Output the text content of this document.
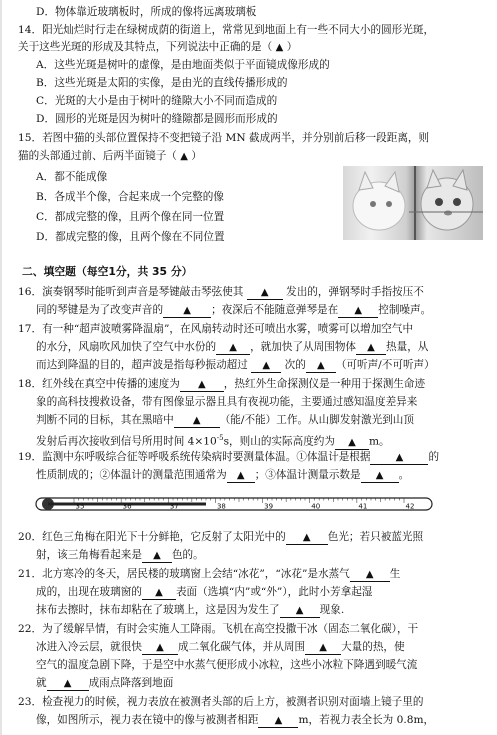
D．物体靠近玻璃板时，所成的像将远离玻璃板
14．阳光灿烂时行走在绿树成荫的街道上，常常见到地面上有一些不同大小的圆形光斑，
关于这些光斑的形成及其特点，下列说法中正确的是（ ▲ ）
A．这些光斑是树叶的虚像，是由地面类似于平面镜成像形成的
B．这些光斑是太阳的实像，是由光的直线传播形成的
C．光斑的大小是由于树叶的缝隙大小不同而造成的
D．圆形的光斑是因为树叶的缝隙都是圆形而形成的
15．若图中猫的头部位置保持不变把镜子沿 MN 截成两半，并分别前后移一段距离，则
猫的头部通过前、后两半面镜子（ ▲ ）
A．都不能成像
B．各成半个像，合起来成一个完整的像
C．都成完整的像，且两个像在同一位置
D．都成完整的像，且两个像在不同位置
二、填空题（每空1分，共 35 分）
16．演奏钢琴时能听到声音是琴键敲击琴弦使其 ▲ 发出的，弹钢琴时手指按压不
同的琴键是为了改变声音的 ▲ ；夜深后不能随意弹琴是在 ▲ 控制噪声。
17．有一种“超声波喷雾降温扇”，在风扇转动时还可喷出水雾，喷雾可以增加空气中
的水分，风扇吹风加快了空气中水份的 ▲ ，就加快了从周围物体 ▲ 热量，从
而达到降温的目的，超声波是指每秒振动超过 ▲ 次的 ▲ （可听声/不可听声）
18．红外线在真空中传播的速度为 ▲ ，热红外生命探测仪是一种用于探测生命迹
象的高科技搜救设备，带有图像显示器且具有夜视功能，主要通过感知温度差异来
判断不同的目标，其在黑暗中 ▲ （能/不能）工作。从山脚发射激光到山顶
发射后再次接收到信号所用时间 $4\times 10^{-5}s$，则山的实际高度约为 ▲ m。
19．监测中东呼吸综合征等呼吸系统传染病时要测量体温。①体温计是根据	▲ 的
性质制成的；②体温计的测量范围通常为 ▲ ；③体温计测量示数是 ▲ 。
35	36	37	38	39	40	41	42
20．红色三角梅在阳光下十分鲜艳，它反射了太阳光中的 ▲ 色光；若只被蓝光照
射，该三角梅看起来是 ▲ 色的。
21．北方寒冷的冬天，居民楼的玻璃窗上会结“冰花”，“冰花”是水蒸气 ▲ 生
成的，出现在玻璃窗的 ▲ 表面（选填“内”或“外”），此时小芳拿起湿
抹布去擦时，抹布却粘在了玻璃上，这是因为发生了 ▲ 现象.
22．为了缓解旱情，有时会实施人工降雨。飞机在高空投撒干冰（固态二氧化碳），干
冰进入冷云层，就很快 ▲ 成二氧化碳气体，并从周围 ▲ 大量的热，使
空气的温度急剧下降，于是空中水蒸气便形成小冰粒，这些小冰粒下降遇到暖气流
就 ▲ 成雨点降落到地面
23．检查视力的时候，视力表放在被测者头部的后上方，被测者识别对面墙上镜子里的
像，如图所示，视力表在镜中的像与被测者相距 ▲ m，若视力表全长为 0.8m，
